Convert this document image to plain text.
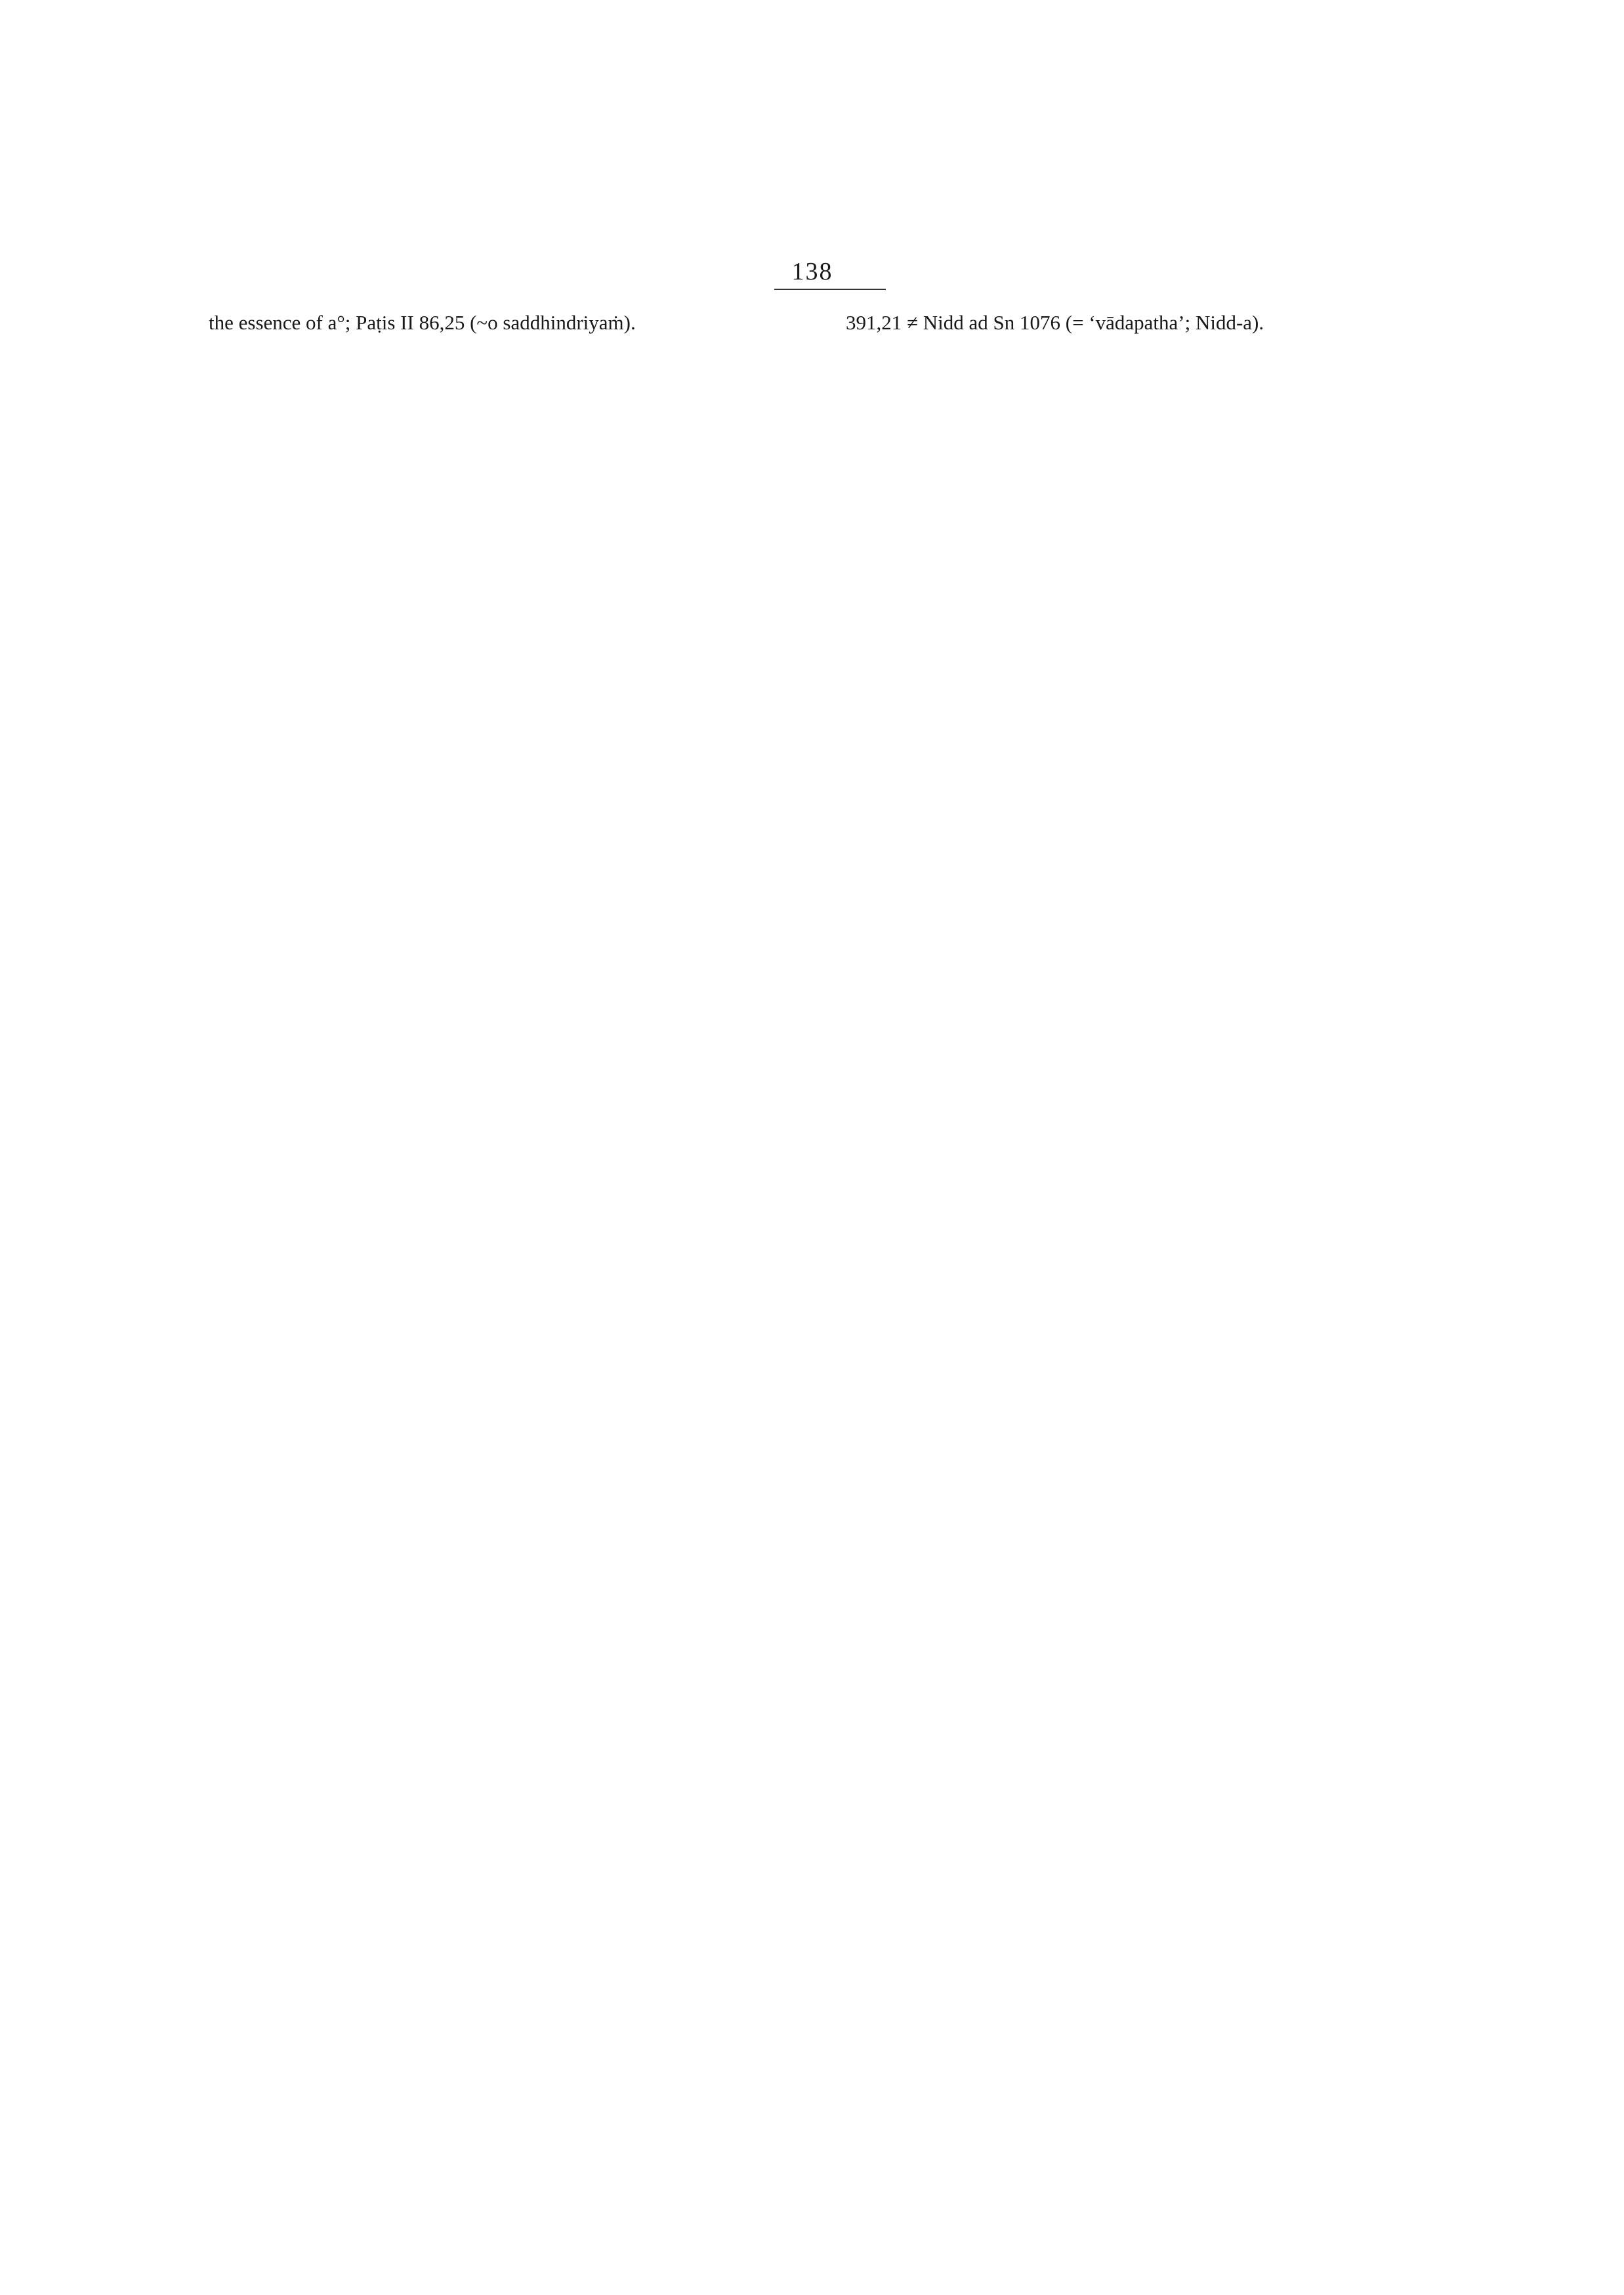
138

the essence of a°; Paṭis II 86,25 (~o saddhindriyaṁ).	391,21 ≠ Nidd ad Sn 1076 (= ‘vādapatha’; Nidd-a).
